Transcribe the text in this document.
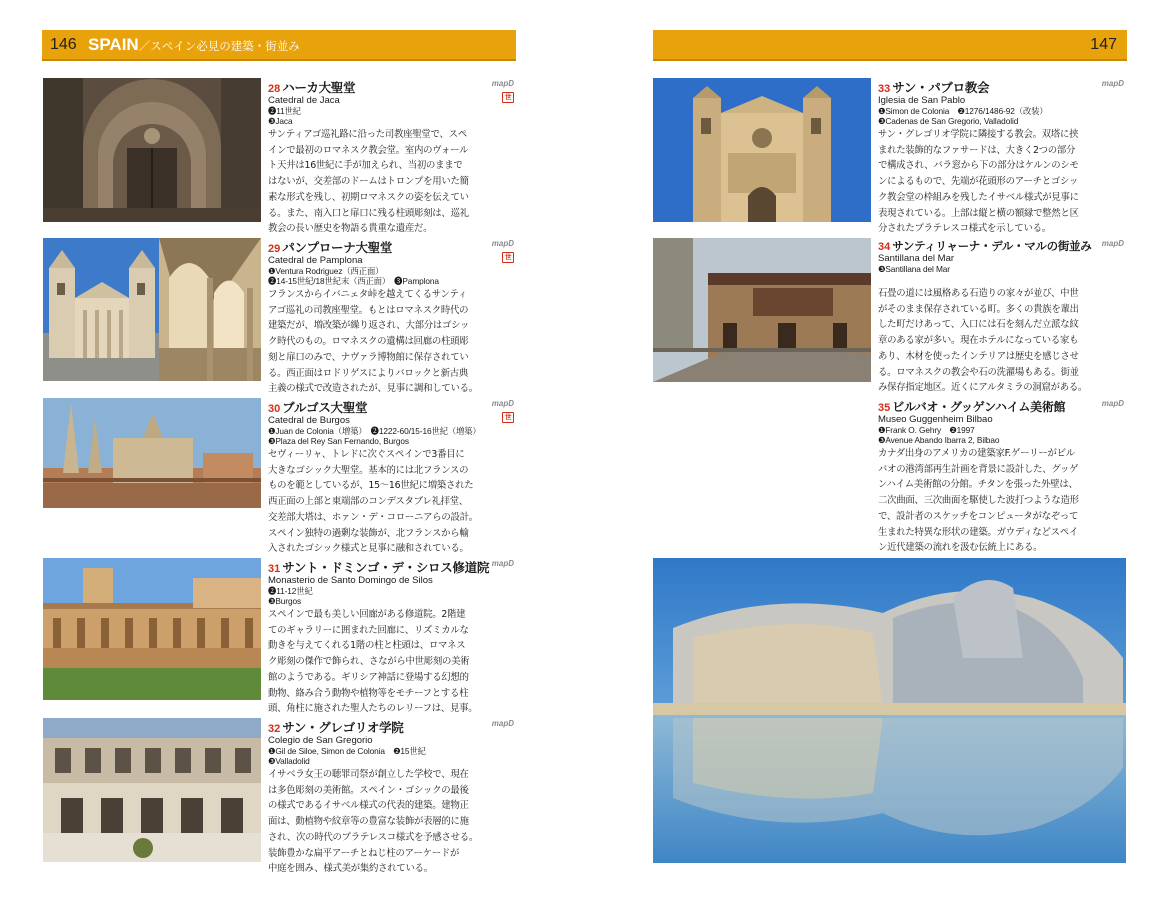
146 SPAIN／スペイン必見の建築・街並み	147
28 ハーカ大聖堂	mapD
世
Catedral de Jaca
❷11世紀
❸Jaca
サンティアゴ巡礼路に沿った司教座聖堂で、スペ
インで最初のロマネスク教会堂。室内のヴォール
ト天井は16世紀に手が加えられ、当初のままで
はないが、交差部のドームはトロンプを用いた簡
素な形式を残し、初期ロマネスクの姿を伝えてい
る。また、南入口と扉口に残る柱頭彫刻は、巡礼
教会の長い歴史を物語る貴重な遺産だ。
29 パンプローナ大聖堂	mapD
世
Catedral de Pamplona
❶Ventura Rodriguez（西正面）
❷14-15世紀/18世紀末（西正面）　❸Pamplona
フランスからイバニェタ峠を越えてくるサンティ
アゴ巡礼の司教座聖堂。もとはロマネスク時代の
建築だが、増改築が繰り返され、大部分はゴシッ
ク時代のもの。ロマネスクの遺構は回廊の柱頭彫
刻と扉口のみで、ナヴァラ博物館に保存されてい
る。西正面はロドリゲスによりバロックと新古典
主義の様式で改造されたが、見事に調和している。
30 ブルゴス大聖堂	mapD
世
Catedral de Burgos
❶Juan de Colonia（増築）　❷1222-60/15-16世紀（増築）
❸Plaza del Rey San Fernando, Burgos
セヴィーリャ、トレドに次ぐスペインで3番目に
大きなゴシック大聖堂。基本的には北フランスの
ものを範としているが、15～16世紀に増築された
西正面の上部と東端部のコンデスタブレ礼拝堂、
交差部大塔は、ホァン・デ・コローニアらの設計。
スペイン独特の過剰な装飾が、北フランスから輸
入されたゴシック様式と見事に融和されている。
31 サント・ドミンゴ・デ・シロス修道院 mapD
Monasterio de Santo Domingo de Silos
❷11-12世紀
❸Burgos
スペインで最も美しい回廊がある修道院。2階建
てのギャラリーに囲まれた回廊に、リズミカルな
動きを与えてくれる1階の柱と柱頭は、ロマネス
ク彫刻の傑作で飾られ、さながら中世彫刻の美術
館のようである。ギリシア神話に登場する幻想的
動物、絡み合う動物や植物等をモチーフとする柱
頭、角柱に施された聖人たちのレリーフは、見事。
32 サン・グレゴリオ学院	mapD
Colegio de San Gregorio
❶Gil de Siloe, Simon de Colonia　❷15世紀
❸Valladolid
イサベラ女王の聴罪司祭が創立した学校で、現在
は多色彫刻の美術館。スペイン・ゴシックの最後
の様式であるイサベル様式の代表的建築。建物正
面は、動植物や紋章等の豊富な装飾が表層的に施
され、次の時代のプラテレスコ様式を予感させる。
装飾豊かな扁平アーチとねじ柱のアーケードが
中庭を囲み、様式美が集約されている。
33 サン・パブロ教会	mapD
Iglesia de San Pablo
❶Simon de Colonia　❷1276/1486-92（改装）
❸Cadenas de San Gregorio, Valladolid
サン・グレゴリオ学院に隣接する教会。双塔に挟
まれた装飾的なファサードは、大きく2つの部分
で構成され、バラ窓から下の部分はケルンのシモ
ンによるもので、先端が花頭形のアーチとゴシッ
ク教会堂の枠組みを残したイサベル様式が見事に
表現されている。上部は縦と横の額縁で整然と区
分されたプラテレスコ様式を示している。
34 サンティリャーナ・デル・マルの街並み mapD
Santillana del Mar
❸Santillana del Mar
石畳の道には風格ある石造りの家々が並び、中世
がそのまま保存されている町。多くの貴族を輩出
した町だけあって、入口には石を刻んだ立派な紋
章のある家が多い。現在ホテルになっている家も
あり、木材を使ったインテリアは歴史を感じさせ
る。ロマネスクの教会や石の洗濯場もある。街並
み保存指定地区。近くにアルタミラの洞窟がある。
35 ビルバオ・グッゲンハイム美術館	mapD
Museo Guggenheim Bilbao
❶Frank O. Gehry　❷1997
❸Avenue Abando Ibarra 2, Bilbao
カナダ出身のアメリカの建築家F.ゲーリーがビル
バオの港湾部再生計画を背景に設計した、グッゲ
ンハイム美術館の分館。チタンを張った外壁は、
二次曲面、三次曲面を駆使した波打つような造形
で、設計者のスケッチをコンピュータがなぞって
生まれた特異な形状の建築。ガウディなどスペイ
ン近代建築の流れを汲む伝統上にある。
